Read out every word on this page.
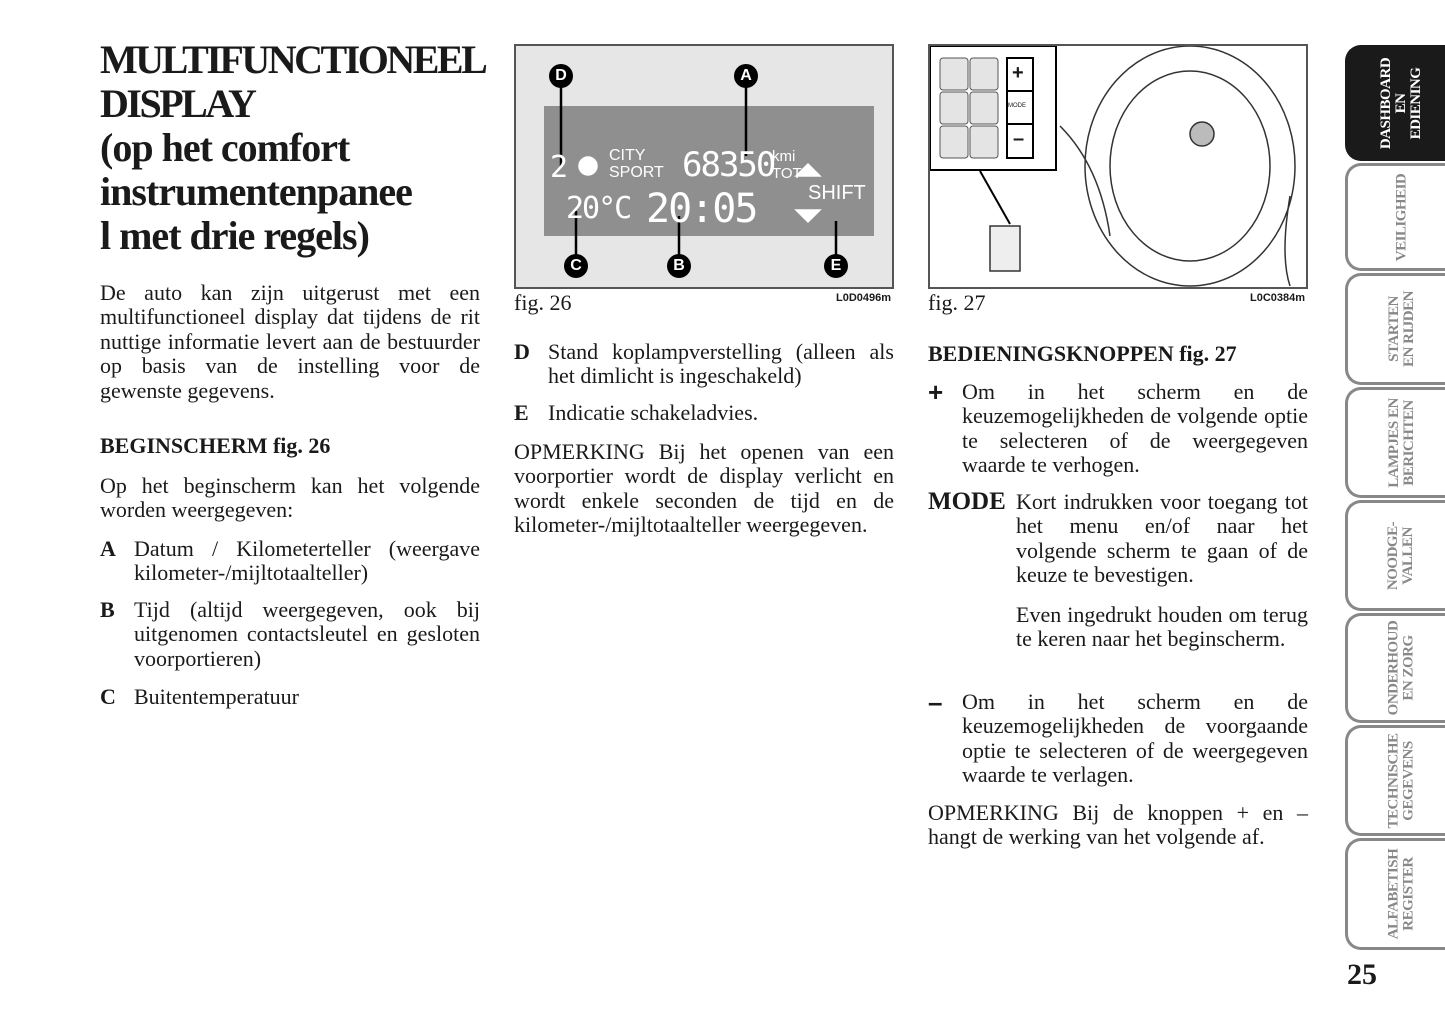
MULTIFUNCTIONEEL
DISPLAY
(op het comfort
instrumentenpanee
l met drie regels)
De auto kan zijn uitgerust met een multifunctioneel display dat tijdens de rit nuttige informatie levert aan de bestuurder op basis van de instelling voor de gewenste gegevens.
BEGINSCHERM fig. 26
Op het beginscherm kan het volgende worden weergegeven:
A Datum / Kilometerteller (weergave kilometer-/mijltotaalteller)
B Tijd (altijd weergegeven, ook bij uitgenomen contactsleutel en gesloten voorportieren)
C Buitentemperatuur
2	CITY
SPORT 68350
kmi
TOT
20°C 20:05	SHIFT
D	A
C	B	E
fig. 26	L0D0496m
D Stand koplampverstelling (alleen als het dimlicht is ingeschakeld)
E Indicatie schakeladvies.
OPMERKING Bij het openen van een voorportier wordt de display verlicht en wordt enkele seconden de tijd en de kilometer-/mijltotaalteller weergegeven.
+
MODE
–
fig. 27	L0C0384m
BEDIENINGSKNOPPEN fig. 27
+ Om in het scherm en de keuzemogelijkheden de volgende optie te selecteren of de weergegeven waarde te verhogen.
MODE Kort indrukken voor toegang tot het menu en/of naar het volgende scherm te gaan of de keuze te bevestigen.
Even ingedrukt houden om terug te keren naar het beginscherm.
– Om in het scherm en de keuzemogelijkheden de voorgaande optie te selecteren of de weergegeven waarde te verlagen.
OPMERKING Bij de knoppen + en – hangt de werking van het volgende af.
DASHBOARD
EN
EDIENING
VEILIGHEID
STARTEN
EN RIJDEN
LAMPJES EN
BERICHTEN
NOODGE-
VALLEN
ONDERHOUD
EN ZORG
TECHNISCHE
GEGEVENS
ALFABETISH
REGISTER
25
